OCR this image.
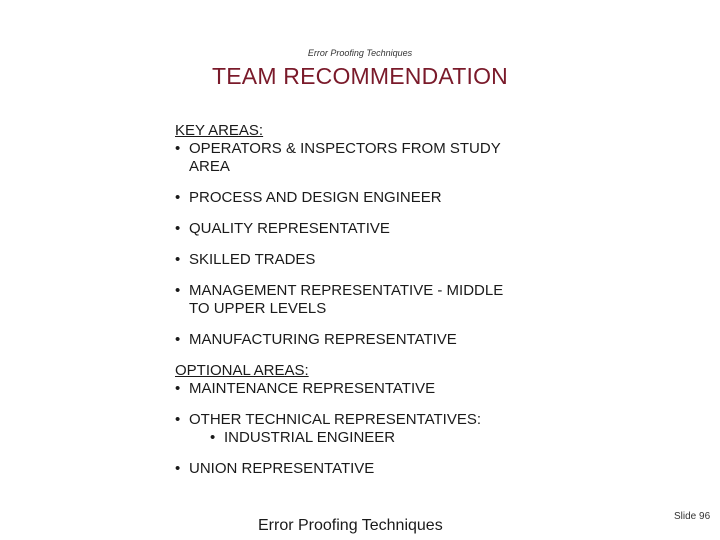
Error Proofing Techniques
TEAM RECOMMENDATION
KEY AREAS:
• OPERATORS & INSPECTORS FROM STUDY
AREA
• PROCESS AND DESIGN ENGINEER
• QUALITY REPRESENTATIVE
• SKILLED TRADES
• MANAGEMENT REPRESENTATIVE - MIDDLE
TO UPPER LEVELS
• MANUFACTURING REPRESENTATIVE
OPTIONAL AREAS:
• MAINTENANCE REPRESENTATIVE
• OTHER TECHNICAL REPRESENTATIVES:
• INDUSTRIAL ENGINEER
• UNION REPRESENTATIVE
Error Proofing Techniques
Slide 96
